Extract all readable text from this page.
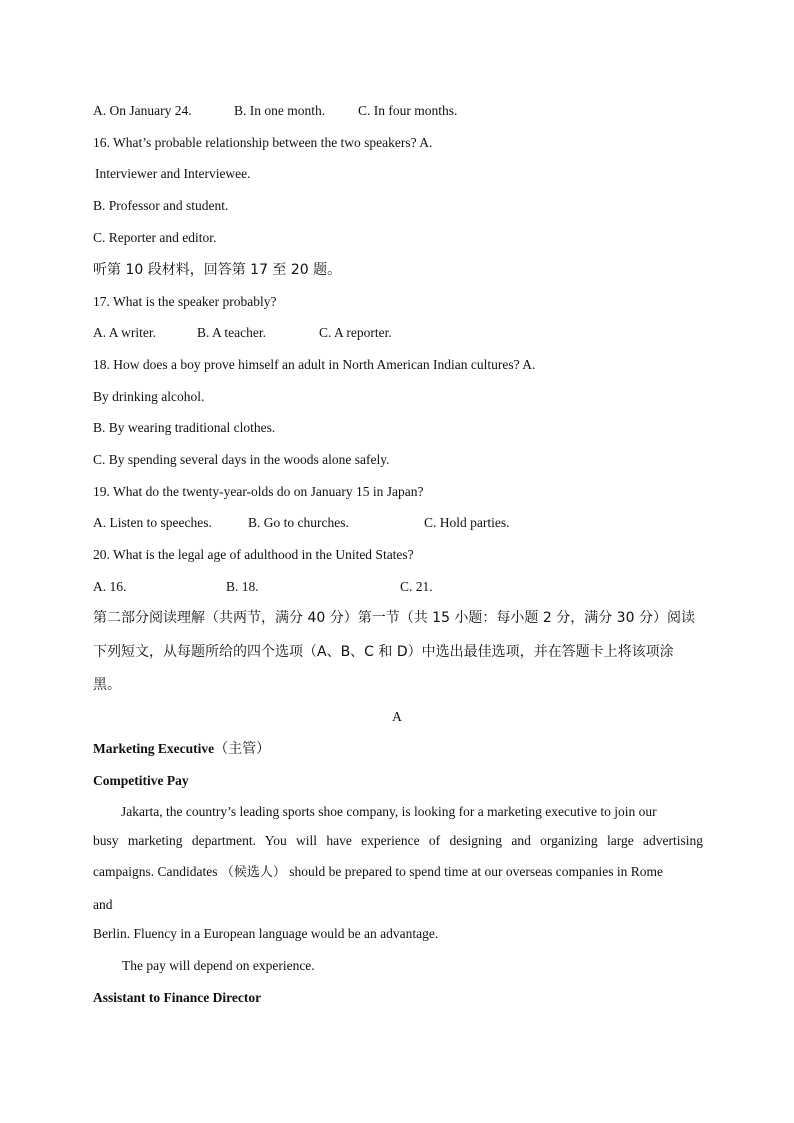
A. On January 24.	B. In one month. C. In four months.

16. What’s probable relationship between the two speakers? A.

Interviewer and Interviewee.

B. Professor and student.

C. Reporter and editor.

听第 10 段材料，回答第 17 至 20 题。

17. What is the speaker probably?

A. A writer.	B. A teacher.	C. A reporter.

18. How does a boy prove himself an adult in North American Indian cultures? A.

By drinking alcohol.

B. By wearing traditional clothes.

C. By spending several days in the woods alone safely.

19. What do the twenty-year-olds do on January 15 in Japan?

A. Listen to speeches.	B. Go to churches.	C. Hold parties.

20. What is the legal age of adulthood in the United States?

A. 16.	B. 18.	C. 21.

第二部分阅读理解（共两节，满分 40 分）第一节（共 15 小题：每小题 2 分，满分 30 分）阅读

下列短文，从每题所给的四个选项（A、B、C 和 D）中选出最佳选项，并在答题卡上将该项涂

黑。

A

Marketing Executive（主管）

Competitive Pay

Jakarta, the country’s leading sports shoe company, is looking for a marketing executive to join our

busy marketing department. You will have experience of designing and organizing large advertising

campaigns. Candidates （候选人） should be prepared to spend time at our overseas companies in Rome

and

Berlin. Fluency in a European language would be an advantage.

The pay will depend on experience.

Assistant to Finance Director
